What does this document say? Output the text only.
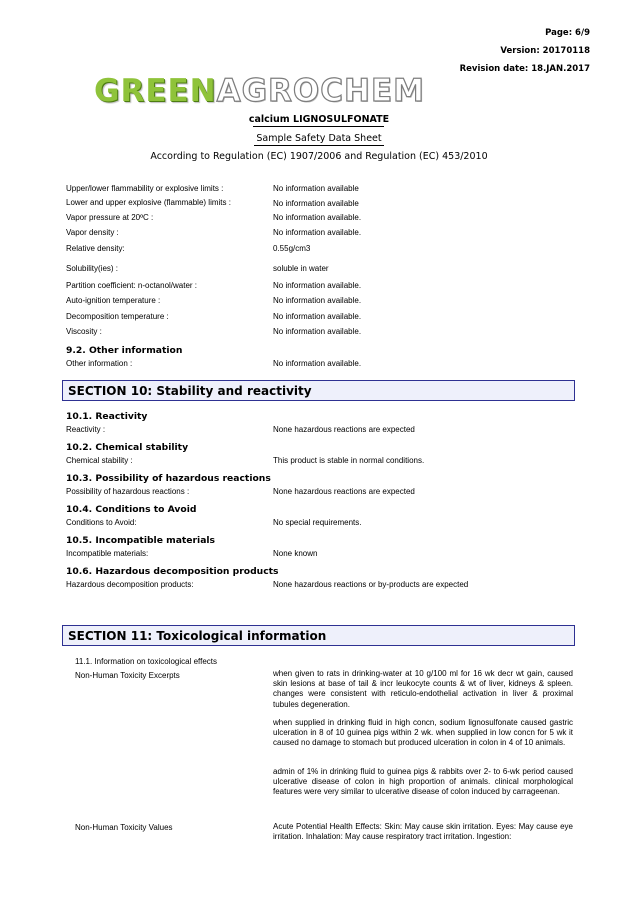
Page: 6/9
Version: 20170118
Revision date: 18.JAN.2017
GREENAGROCHEM
calcium LIGNOSULFONATE
Sample Safety Data Sheet
According to Regulation (EC) 1907/2006 and Regulation (EC) 453/2010
Upper/lower flammability or explosive limits :	No information available
Lower and upper explosive (flammable) limits :	No information available
Vapor pressure at 20ºC :	No information available.
Vapor density :	No information available.
Relative density:	0.55g/cm3
Solubility(ies) :	soluble in water
Partition coefficient: n-octanol/water :	No information available.
Auto-ignition temperature :	No information available.
Decomposition temperature :	No information available.
Viscosity :	No information available.
9.2. Other information
Other information :	No information available.
SECTION 10: Stability and reactivity
10.1. Reactivity
Reactivity :	None hazardous reactions are expected
10.2. Chemical stability
Chemical stability :	This product is stable in normal conditions.
10.3. Possibility of hazardous reactions
Possibility of hazardous reactions :	None hazardous reactions are expected
10.4. Conditions to Avoid
Conditions to Avoid:	No special requirements.
10.5. Incompatible materials
Incompatible materials:	None known
10.6. Hazardous decomposition products
Hazardous decomposition products:	None hazardous reactions or by-products are expected
SECTION 11: Toxicological information
11.1. Information on toxicological effects
Non-Human Toxicity Excerpts	when given to rats in drinking-water at 10 g/100 ml for 16 wk decr wt gain, caused skin lesions at base of tail & incr leukocyte counts & wt of liver, kidneys & spleen. changes were consistent with reticulo-endothelial activation in liver & proximal tubules degeneration.
when supplied in drinking fluid in high concn, sodium lignosulfonate caused gastric ulceration in 8 of 10 guinea pigs within 2 wk. when supplied in low concn for 5 wk it caused no damage to stomach but produced ulceration in colon in 4 of 10 animals.
admin of 1% in drinking fluid to guinea pigs & rabbits over 2- to 6-wk period caused ulcerative disease of colon in high proportion of animals. clinical morphological features were very similar to ulcerative disease of colon induced by carrageenan.
Non-Human Toxicity Values	Acute Potential Health Effects: Skin: May cause skin irritation. Eyes: May cause eye irritation. Inhalation: May cause respiratory tract irritation. Ingestion:
